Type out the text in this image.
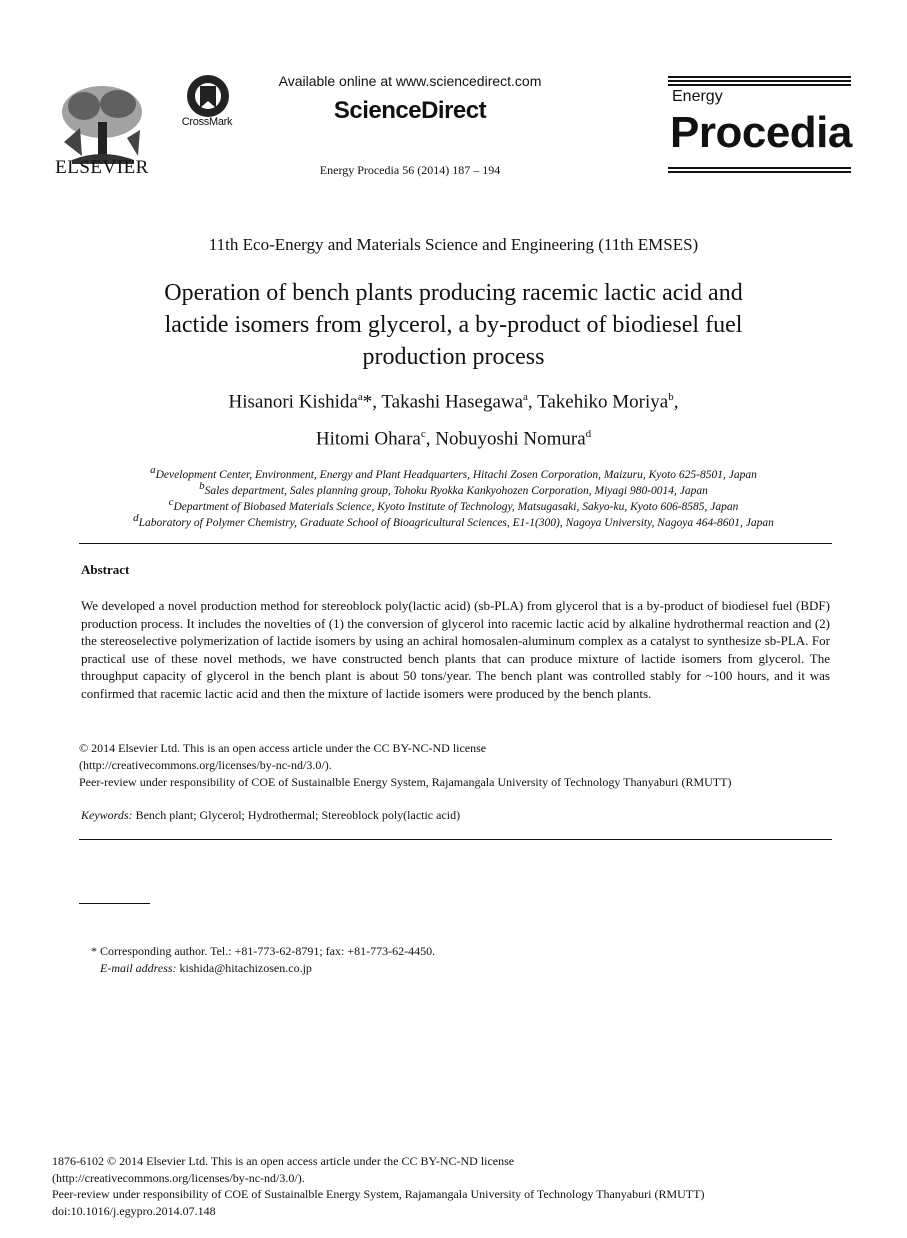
ELSEVIER
CrossMark
Available online at www.sciencedirect.com
ScienceDirect
Energy Procedia 56 (2014) 187 – 194
Energy
Procedia
11th Eco-Energy and Materials Science and Engineering (11th EMSES)
Operation of bench plants producing racemic lactic acid and
lactide isomers from glycerol, a by-product of biodiesel fuel
production process
Hisanori Kishida$^a$*, Takashi Hasegawa$^a$, Takehiko Moriya$^b$,
Hitomi Ohara$^c$, Nobuyoshi Nomura$^d$
$^a$Development Center, Environment, Energy and Plant Headquarters, Hitachi Zosen Corporation, Maizuru, Kyoto 625-8501, Japan
$^b$Sales department, Sales planning group, Tohoku Ryokka Kankyohozen Corporation, Miyagi 980-0014, Japan
$^c$Department of Biobased Materials Science, Kyoto Institute of Technology, Matsugasaki, Sakyo-ku, Kyoto 606-8585, Japan
$^d$Laboratory of Polymer Chemistry, Graduate School of Bioagricultural Sciences, E1-1(300), Nagoya University, Nagoya 464-8601, Japan
Abstract
We developed a novel production method for stereoblock poly(lactic acid) (sb-PLA) from glycerol that is a by-product of biodiesel fuel (BDF) production process. It includes the novelties of (1) the conversion of glycerol into racemic lactic acid by alkaline hydrothermal reaction and (2) the stereoselective polymerization of lactide isomers by using an achiral homosalen-aluminum complex as a catalyst to synthesize sb-PLA. For practical use of these novel methods, we have constructed bench plants that can produce mixture of lactide isomers from glycerol. The throughput capacity of glycerol in the bench plant is about 50 tons/year. The bench plant was controlled stably for ~100 hours, and it was confirmed that racemic lactic acid and then the mixture of lactide isomers were produced by the bench plants.
© 2014 Elsevier Ltd. This is an open access article under the CC BY-NC-ND license
(http://creativecommons.org/licenses/by-nc-nd/3.0/).
Peer-review under responsibility of COE of Sustainalble Energy System, Rajamangala University of Technology Thanyaburi (RMUTT)
Keywords: Bench plant; Glycerol; Hydrothermal; Stereoblock poly(lactic acid)
* Corresponding author. Tel.: +81-773-62-8791; fax: +81-773-62-4450.
E-mail address: kishida@hitachizosen.co.jp
1876-6102 © 2014 Elsevier Ltd. This is an open access article under the CC BY-NC-ND license
(http://creativecommons.org/licenses/by-nc-nd/3.0/).
Peer-review under responsibility of COE of Sustainalble Energy System, Rajamangala University of Technology Thanyaburi (RMUTT)
doi:10.1016/j.egypro.2014.07.148
